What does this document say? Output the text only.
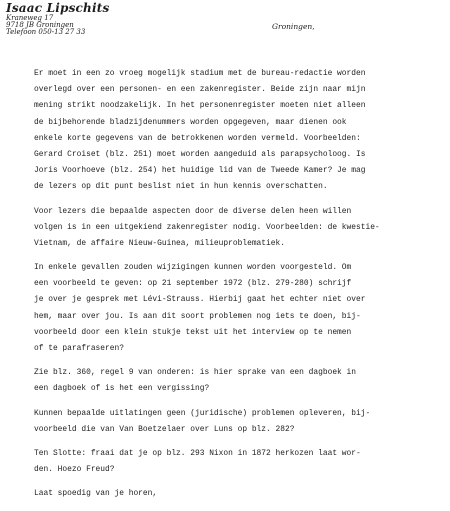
Isaac Lipschits
Kraneweg 17
9718 JB Groningen
Telefoon 050-13 27 33
Groningen,
Er moet in een zo vroeg mogelijk stadium met de bureau-redactie worden
overlegd over een personen- en een zakenregister. Beide zijn naar mijn
mening strikt noodzakelijk. In het personenregister moeten niet alleen
de bijbehorende bladzijdenummers worden opgegeven, maar dienen ook
enkele korte gegevens van de betrokkenen worden vermeld. Voorbeelden:
Gerard Croiset (blz. 251) moet worden aangeduid als parapsycholoog. Is
Joris Voorhoeve (blz. 254) het huidige lid van de Tweede Kamer? Je mag
de lezers op dit punt beslist niet in hun kennis overschatten.
Voor lezers die bepaalde aspecten door de diverse delen heen willen
volgen is in een uitgekiend zakenregister nodig. Voorbeelden: de kwestie-
Vietnam, de affaire Nieuw-Guinea, milieuproblematiek.
In enkele gevallen zouden wijzigingen kunnen worden voorgesteld. Om
een voorbeeld te geven: op 21 september 1972 (blz. 279-280) schrijf
je over je gesprek met Lévi-Strauss. Hierbij gaat het echter niet over
hem, maar over jou. Is aan dit soort problemen nog iets te doen, bij-
voorbeeld door een klein stukje tekst uit het interview op te nemen
of te parafraseren?
Zie blz. 360, regel 9 van onderen: is hier sprake van een dagboek in
een dagboek of is het een vergissing?
Kunnen bepaalde uitlatingen geen (juridische) problemen opleveren, bij-
voorbeeld die van Van Boetzelaer over Luns op blz. 282?
Ten Slotte: fraai dat je op blz. 293 Nixon in 1872 herkozen laat wor-
den. Hoezo Freud?
Laat spoedig van je horen,
